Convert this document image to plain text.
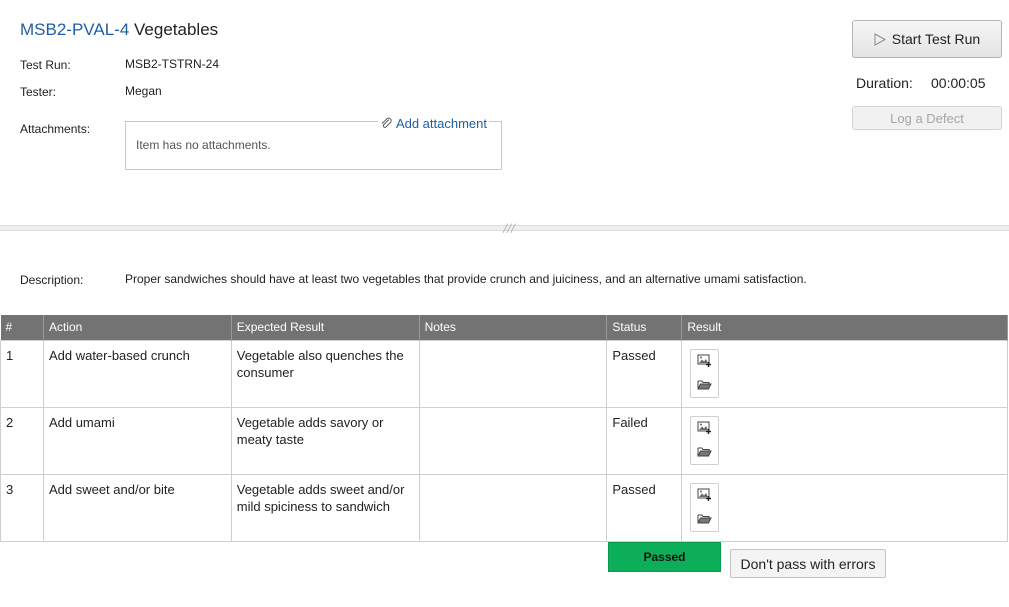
MSB2-PVAL-4 Vegetables
Test Run:	MSB2-TSTRN-24
Tester:	Megan
Attachments:	Add attachment
Item has no attachments.
Start Test Run
Duration: 00:00:05
Log a Defect
╱╱╱
Description:	Proper sandwiches should have at least two vegetables that provide crunch and juiciness, and an alternative umami satisfaction.
#	Action	Expected Result	Notes	Status	Result
1	Add water-based crunch	Vegetable also quenches the consumer		Passed	

2	Add umami	Vegetable adds savory or meaty taste		Failed	

3	Add sweet and/or bite	Vegetable adds sweet and/or mild spiciness to sandwich		Passed	
Passed	Don't pass with errors
